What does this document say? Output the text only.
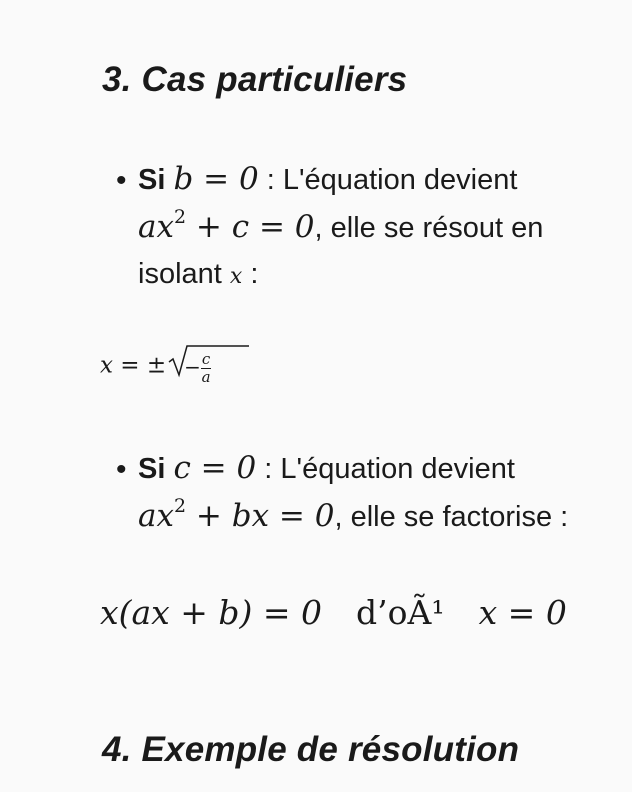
3. Cas particuliers
• Si b = 0 : L'équation devient
$ax^2 + c = 0$, elle se résout en
isolant x :
x = ± − $\frac{c}{a}$
• Si c = 0 : L'équation devient
$ax^2$ + bx = 0, elle se factorise :
x(ax + b) = 0 d’oÃ¹ x = 0
4. Exemple de résolution
